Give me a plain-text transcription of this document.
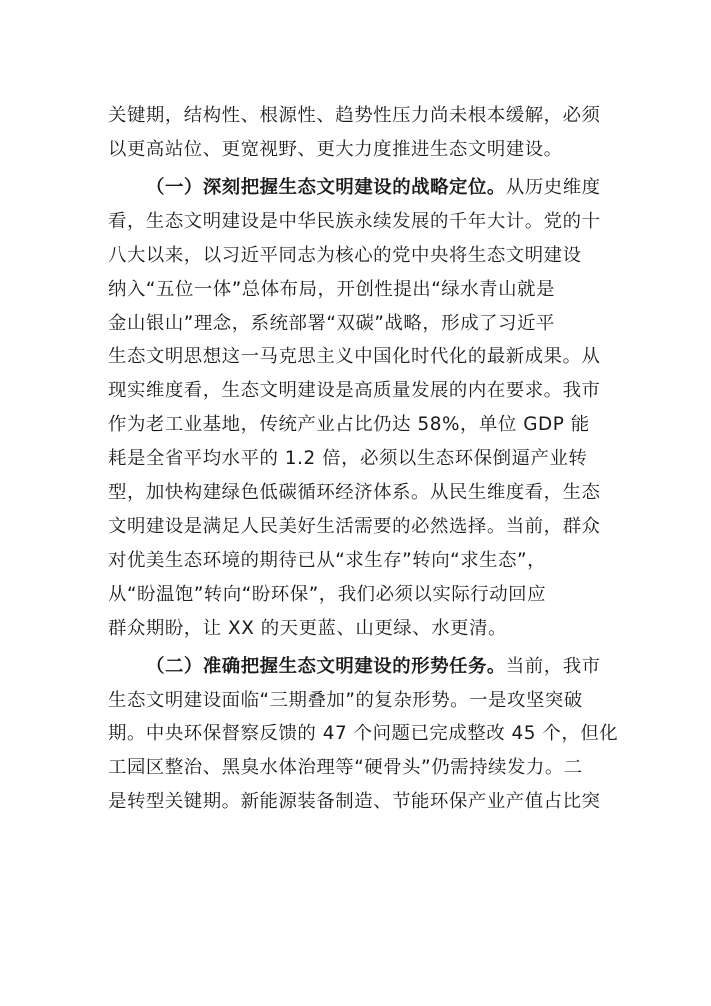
关键期，结构性、根源性、趋势性压力尚未根本缓解，必须
以更高站位、更宽视野、更大力度推进生态文明建设。
（一）深刻把握生态文明建设的战略定位。从历史维度
看，生态文明建设是中华民族永续发展的千年大计。党的十
八大以来，以习近平同志为核心的党中央将生态文明建设
纳入“五位一体”总体布局，开创性提出“绿水青山就是
金山银山”理念，系统部署“双碳”战略，形成了习近平
生态文明思想这一马克思主义中国化时代化的最新成果。从
现实维度看，生态文明建设是高质量发展的内在要求。我市
作为老工业基地，传统产业占比仍达 58%，单位 GDP 能
耗是全省平均水平的 1.2 倍，必须以生态环保倒逼产业转
型，加快构建绿色低碳循环经济体系。从民生维度看，生态
文明建设是满足人民美好生活需要的必然选择。当前，群众
对优美生态环境的期待已从“求生存”转向“求生态”，
从“盼温饱”转向“盼环保”，我们必须以实际行动回应
群众期盼，让 XX 的天更蓝、山更绿、水更清。
（二）准确把握生态文明建设的形势任务。当前，我市
生态文明建设面临“三期叠加”的复杂形势。一是攻坚突破
期。中央环保督察反馈的 47 个问题已完成整改 45 个，但化
工园区整治、黑臭水体治理等“硬骨头”仍需持续发力。二
是转型关键期。新能源装备制造、节能环保产业产值占比突
